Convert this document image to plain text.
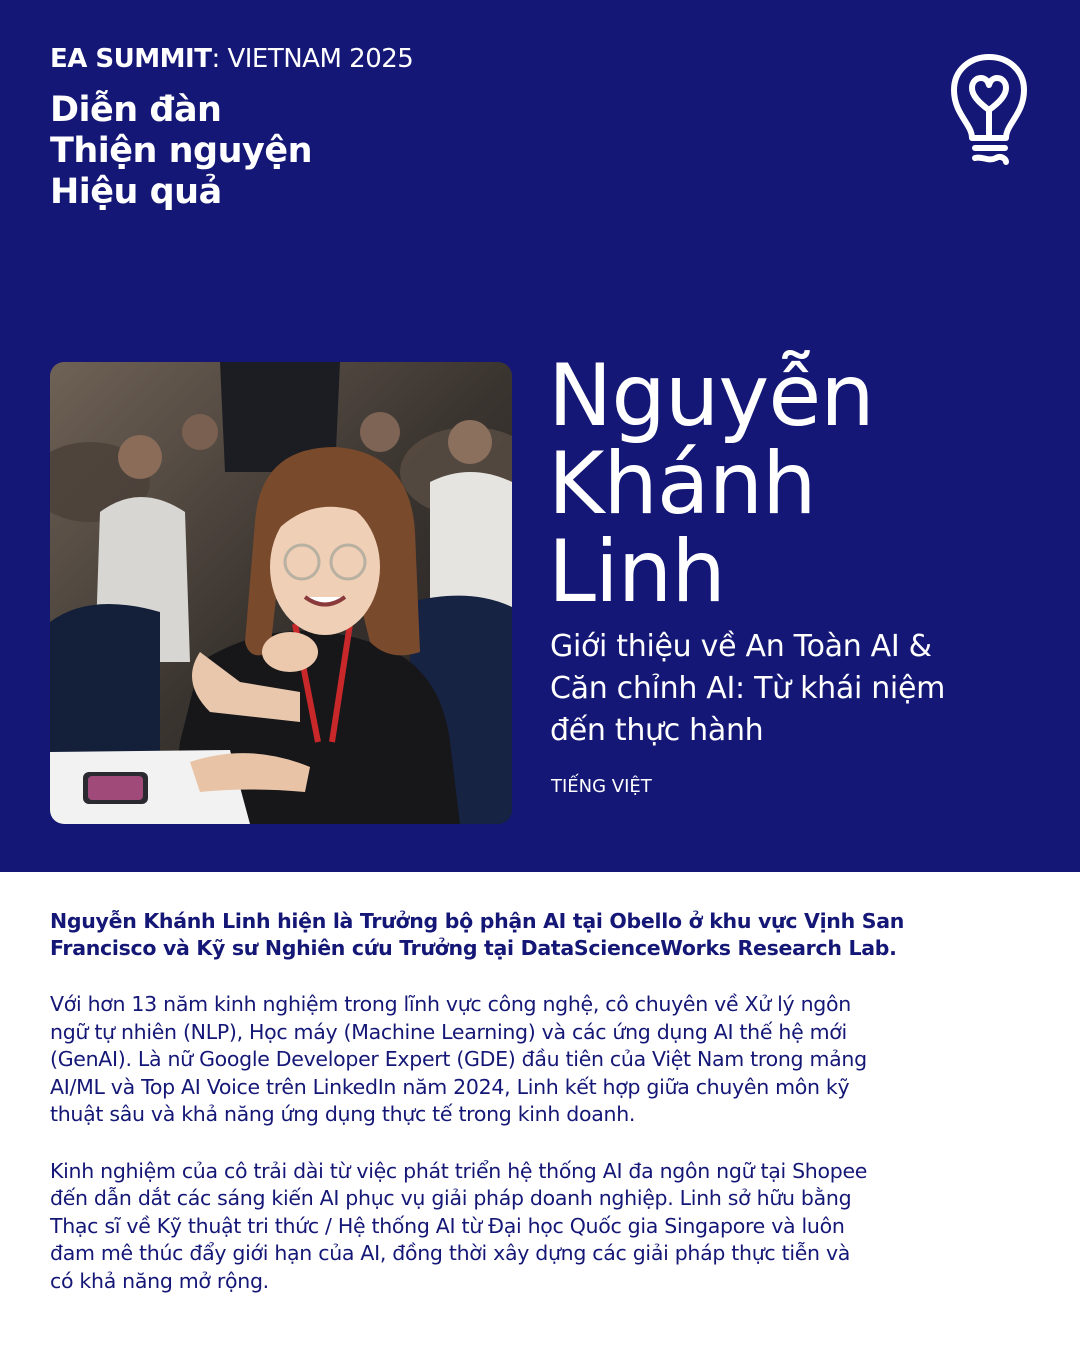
EA SUMMIT: VIETNAM 2025
Diễn đàn
Thiện nguyện
Hiệu quả
Nguyễn
Khánh
Linh
Giới thiệu về An Toàn AI &
Căn chỉnh AI: Từ khái niệm
đến thực hành
TIẾNG VIỆT
Nguyễn Khánh Linh hiện là Trưởng bộ phận AI tại Obello ở khu vực Vịnh San
Francisco và Kỹ sư Nghiên cứu Trưởng tại DataScienceWorks Research Lab.
Với hơn 13 năm kinh nghiệm trong lĩnh vực công nghệ, cô chuyên về Xử lý ngôn
ngữ tự nhiên (NLP), Học máy (Machine Learning) và các ứng dụng AI thế hệ mới
(GenAI). Là nữ Google Developer Expert (GDE) đầu tiên của Việt Nam trong mảng
AI/ML và Top AI Voice trên LinkedIn năm 2024, Linh kết hợp giữa chuyên môn kỹ
thuật sâu và khả năng ứng dụng thực tế trong kinh doanh.
Kinh nghiệm của cô trải dài từ việc phát triển hệ thống AI đa ngôn ngữ tại Shopee
đến dẫn dắt các sáng kiến AI phục vụ giải pháp doanh nghiệp. Linh sở hữu bằng
Thạc sĩ về Kỹ thuật tri thức / Hệ thống AI từ Đại học Quốc gia Singapore và luôn
đam mê thúc đẩy giới hạn của AI, đồng thời xây dựng các giải pháp thực tiễn và
có khả năng mở rộng.
